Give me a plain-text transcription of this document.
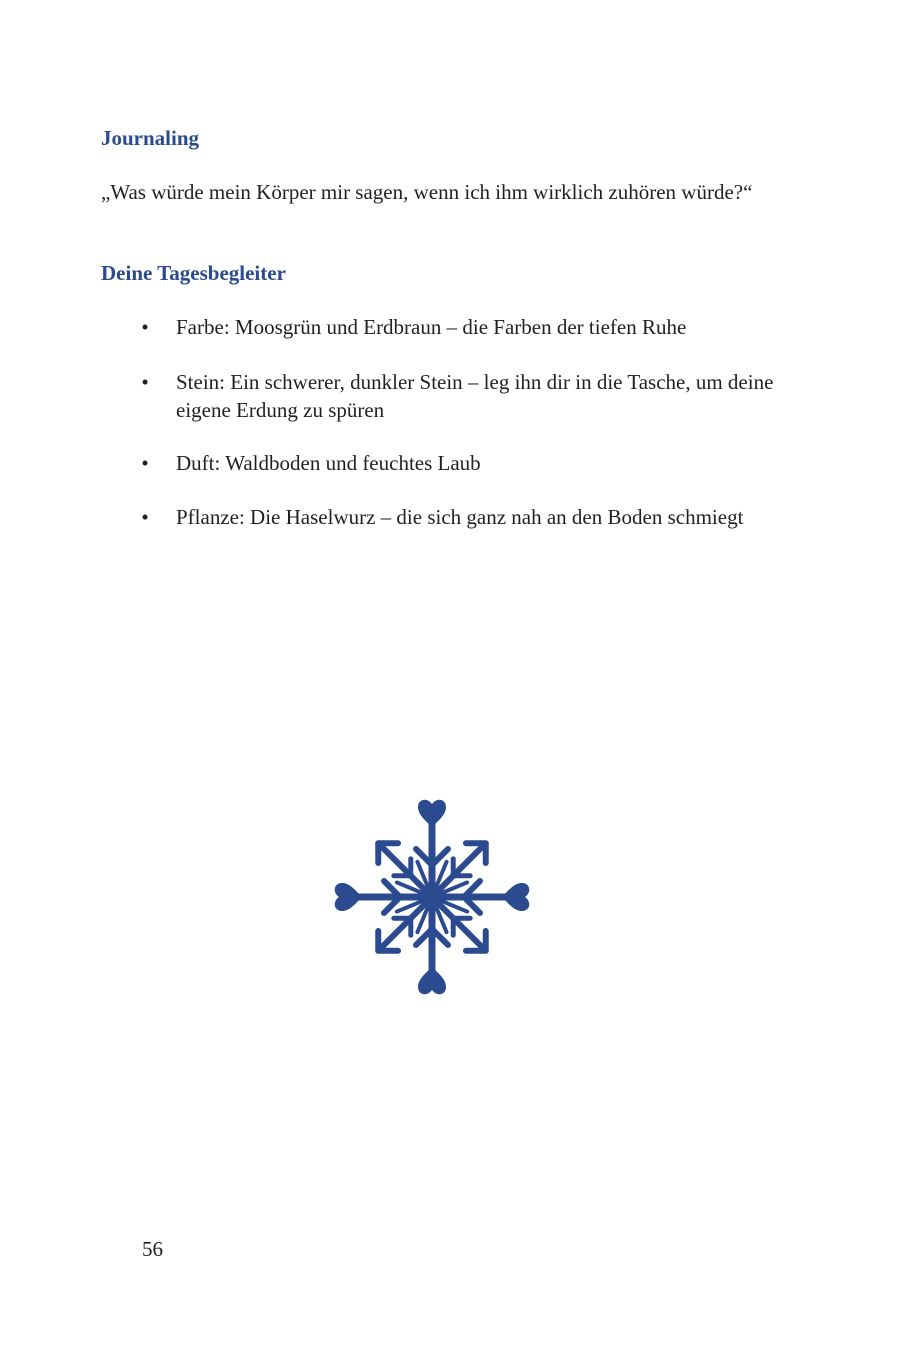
Journaling

„Was würde mein Körper mir sagen, wenn ich ihm wirklich zuhören würde?“

Deine Tagesbegleiter
• Farbe: Moosgrün und Erdbraun – die Farben der tiefen Ruhe
• Stein: Ein schwerer, dunkler Stein – leg ihn dir in die Tasche, um deine eigene Erdung zu spüren
• Duft: Waldboden und feuchtes Laub
• Pflanze: Die Haselwurz – die sich ganz nah an den Boden schmiegt

56
